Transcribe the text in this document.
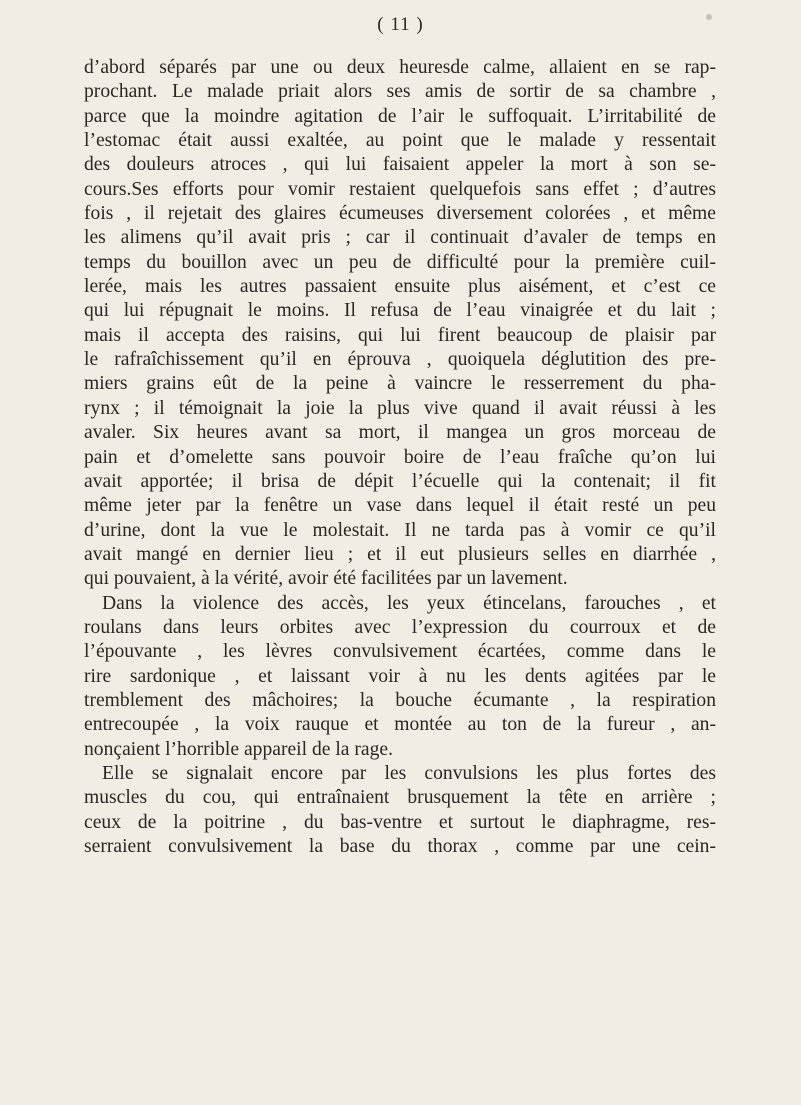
( 11 )
d’abord séparés par une ou deux heuresde calme, allaient en se rap-
prochant. Le malade priait alors ses amis de sortir de sa chambre ,
parce que la moindre agitation de l’air le suffoquait. L’irritabilité de
l’estomac était aussi exaltée, au point que le malade y ressentait
des douleurs atroces , qui lui faisaient appeler la mort à son se-
cours.Ses efforts pour vomir restaient quelquefois sans effet ; d’autres
fois , il rejetait des glaires écumeuses diversement colorées , et même
les alimens qu’il avait pris ; car il continuait d’avaler de temps en
temps du bouillon avec un peu de difficulté pour la première cuil-
lerée, mais les autres passaient ensuite plus aisément, et c’est ce
qui lui répugnait le moins. Il refusa de l’eau vinaigrée et du lait ;
mais il accepta des raisins, qui lui firent beaucoup de plaisir par
le rafraîchissement qu’il en éprouva , quoiquela déglutition des pre-
miers grains eût de la peine à vaincre le resserrement du pha-
rynx ; il témoignait la joie la plus vive quand il avait réussi à les
avaler. Six heures avant sa mort, il mangea un gros morceau de
pain et d’omelette sans pouvoir boire de l’eau fraîche qu’on lui
avait apportée; il brisa de dépit l’écuelle qui la contenait; il fit
même jeter par la fenêtre un vase dans lequel il était resté un peu
d’urine, dont la vue le molestait. Il ne tarda pas à vomir ce qu’il
avait mangé en dernier lieu ; et il eut plusieurs selles en diarrhée ,
qui pouvaient, à la vérité, avoir été facilitées par un lavement.
Dans la violence des accès, les yeux étincelans, farouches , et
roulans dans leurs orbites avec l’expression du courroux et de
l’épouvante , les lèvres convulsivement écartées, comme dans le
rire sardonique , et laissant voir à nu les dents agitées par le
tremblement des mâchoires; la bouche écumante , la respiration
entrecoupée , la voix rauque et montée au ton de la fureur , an-
nonçaient l’horrible appareil de la rage.
Elle se signalait encore par les convulsions les plus fortes des
muscles du cou, qui entraînaient brusquement la tête en arrière ;
ceux de la poitrine , du bas-ventre et surtout le diaphragme, res-
serraient convulsivement la base du thorax , comme par une cein-
